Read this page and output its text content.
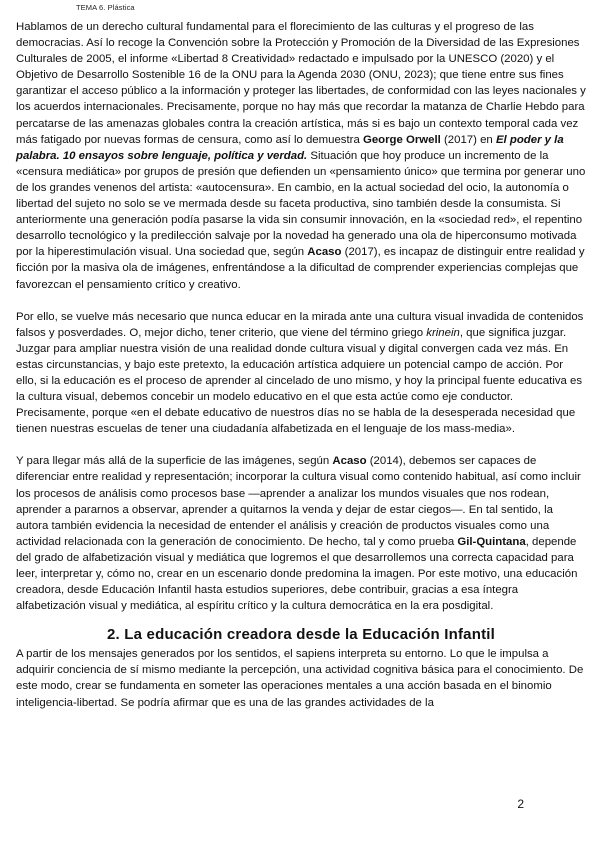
TEMA 6. Plástica

Hablamos de un derecho cultural fundamental para el florecimiento de las culturas y el progreso de las democracias. Así lo recoge la Convención sobre la Protección y Promoción de la Diversidad de las Expresiones Culturales de 2005, el informe «Libertad 8 Creatividad» redactado e impulsado por la UNESCO (2020) y el Objetivo de Desarrollo Sostenible 16 de la ONU para la Agenda 2030 (ONU, 2023); que tiene entre sus fines garantizar el acceso público a la información y proteger las libertades, de conformidad con las leyes nacionales y los acuerdos internacionales. Precisamente, porque no hay más que recordar la matanza de Charlie Hebdo para percatarse de las amenazas globales contra la creación artística, más si es bajo un contexto temporal cada vez más fatigado por nuevas formas de censura, como así lo demuestra George Orwell (2017) en El poder y la palabra. 10 ensayos sobre lenguaje, política y verdad. Situación que hoy produce un incremento de la «censura mediática» por grupos de presión que defienden un «pensamiento único» que termina por generar uno de los grandes venenos del artista: «autocensura». En cambio, en la actual sociedad del ocio, la autonomía o libertad del sujeto no solo se ve mermada desde su faceta productiva, sino también desde la consumista. Si anteriormente una generación podía pasarse la vida sin consumir innovación, en la «sociedad red», el repentino desarrollo tecnológico y la predilección salvaje por la novedad ha generado una ola de hiperconsumo motivada por la hiperestimulación visual. Una sociedad que, según Acaso (2017), es incapaz de distinguir entre realidad y ficción por la masiva ola de imágenes, enfrentándose a la dificultad de comprender experiencias complejas que favorezcan el pensamiento crítico y creativo.

Por ello, se vuelve más necesario que nunca educar en la mirada ante una cultura visual invadida de contenidos falsos y posverdades. O, mejor dicho, tener criterio, que viene del término griego krinein, que significa juzgar. Juzgar para ampliar nuestra visión de una realidad donde cultura visual y digital convergen cada vez más. En estas circunstancias, y bajo este pretexto, la educación artística adquiere un potencial campo de acción. Por ello, si la educación es el proceso de aprender al cincelado de uno mismo, y hoy la principal fuente educativa es la cultura visual, debemos concebir un modelo educativo en el que esta actúe como eje conductor. Precisamente, porque «en el debate educativo de nuestros días no se habla de la desesperada necesidad que tienen nuestras escuelas de tener una ciudadanía alfabetizada en el lenguaje de los mass-media».

Y para llegar más allá de la superficie de las imágenes, según Acaso (2014), debemos ser capaces de diferenciar entre realidad y representación; incorporar la cultura visual como contenido habitual, así como incluir los procesos de análisis como procesos base —aprender a analizar los mundos visuales que nos rodean, aprender a pararnos a observar, aprender a quitarnos la venda y dejar de estar ciegos—. En tal sentido, la autora también evidencia la necesidad de entender el análisis y creación de productos visuales como una actividad relacionada con la generación de conocimiento. De hecho, tal y como prueba Gil-Quintana, depende del grado de alfabetización visual y mediática que logremos el que desarrollemos una correcta capacidad para leer, interpretar y, cómo no, crear en un escenario donde predomina la imagen. Por este motivo, una educación creadora, desde Educación Infantil hasta estudios superiores, debe contribuir, gracias a esa íntegra alfabetización visual y mediática, al espíritu crítico y la cultura democrática en la era posdigital.

2. La educación creadora desde la Educación Infantil

A partir de los mensajes generados por los sentidos, el sapiens interpreta su entorno. Lo que le impulsa a adquirir conciencia de sí mismo mediante la percepción, una actividad cognitiva básica para el conocimiento. De este modo, crear se fundamenta en someter las operaciones mentales a una acción basada en el binomio inteligencia-libertad. Se podría afirmar que es una de las grandes actividades de la

2
